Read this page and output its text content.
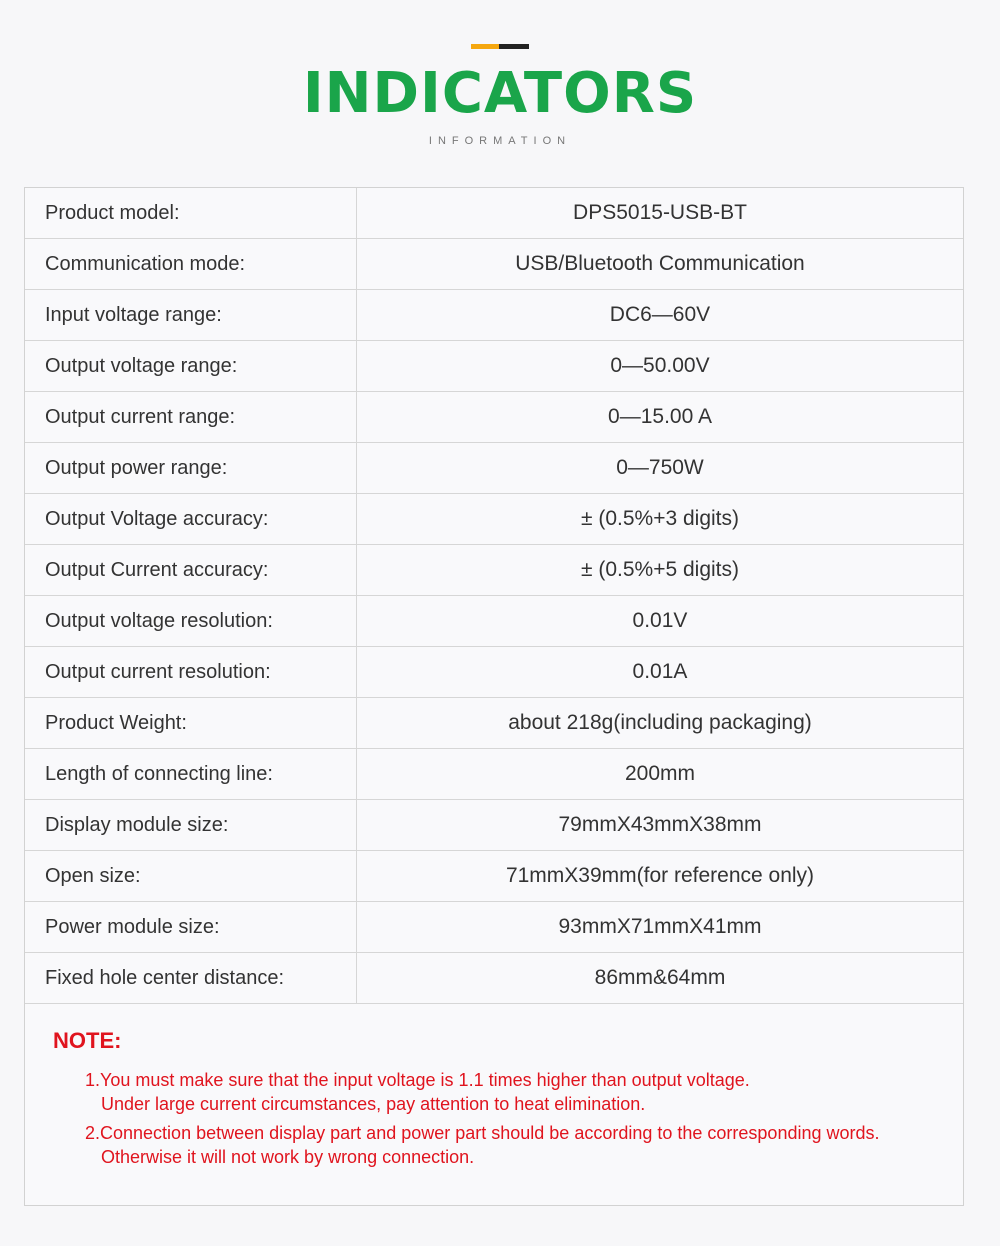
INDICATORS
INFORMATION
Product model:	DPS5015-USB-BT
Communication mode:	USB/Bluetooth Communication
Input voltage range:	DC6—60V
Output voltage range:	0—50.00V
Output current range:	0—15.00 A
Output power range:	0—750W
Output Voltage accuracy:	± (0.5%+3 digits)
Output Current accuracy:	± (0.5%+5 digits)
Output voltage resolution:	0.01V
Output current resolution:	0.01A
Product Weight:	about 218g(including packaging)
Length of connecting line:	200mm
Display module size:	79mmX43mmX38mm
Open size:	71mmX39mm(for reference only)
Power module size:	93mmX71mmX41mm
Fixed hole center distance:	86mm&64mm
NOTE:
1.You must make sure that the input voltage is 1.1 times higher than output voltage.
Under large current circumstances, pay attention to heat elimination.
2.Connection between display part and power part should be according to the corresponding words.
Otherwise it will not work by wrong connection.
